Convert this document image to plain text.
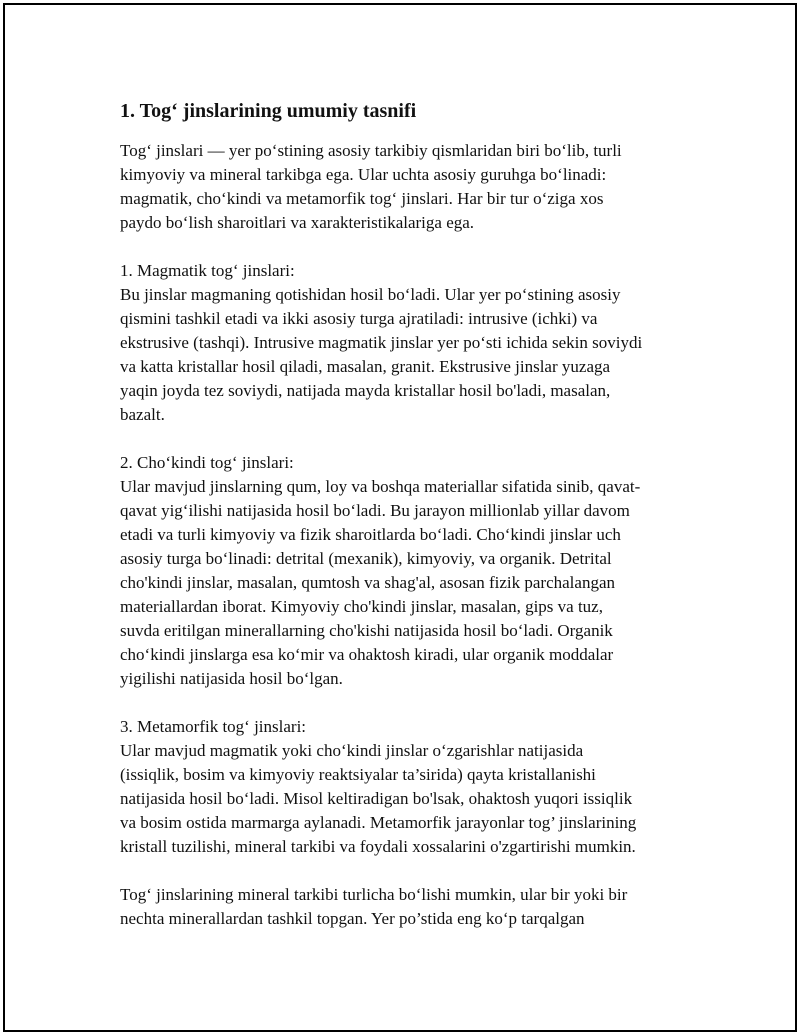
1. Tog‘ jinslarining umumiy tasnifi
Tog‘ jinslari — yer po‘stining asosiy tarkibiy qismlaridan biri bo‘lib, turli
kimyoviy va mineral tarkibga ega. Ular uchta asosiy guruhga bo‘linadi:
magmatik, cho‘kindi va metamorfik tog‘ jinslari. Har bir tur o‘ziga xos
paydo bo‘lish sharoitlari va xarakteristikalariga ega.
1. Magmatik tog‘ jinslari:
Bu jinslar magmaning qotishidan hosil bo‘ladi. Ular yer po‘stining asosiy
qismini tashkil etadi va ikki asosiy turga ajratiladi: intrusive (ichki) va
ekstrusive (tashqi). Intrusive magmatik jinslar yer po‘sti ichida sekin soviydi
va katta kristallar hosil qiladi, masalan, granit. Ekstrusive jinslar yuzaga
yaqin joyda tez soviydi, natijada mayda kristallar hosil bo'ladi, masalan,
bazalt.
2. Cho‘kindi tog‘ jinslari:
Ular mavjud jinslarning qum, loy va boshqa materiallar sifatida sinib, qavat-
qavat yig‘ilishi natijasida hosil bo‘ladi. Bu jarayon millionlab yillar davom
etadi va turli kimyoviy va fizik sharoitlarda bo‘ladi. Cho‘kindi jinslar uch
asosiy turga bo‘linadi: detrital (mexanik), kimyoviy, va organik. Detrital
cho'kindi jinslar, masalan, qumtosh va shag'al, asosan fizik parchalangan
materiallardan iborat. Kimyoviy cho'kindi jinslar, masalan, gips va tuz,
suvda eritilgan minerallarning cho'kishi natijasida hosil bo‘ladi. Organik
cho‘kindi jinslarga esa ko‘mir va ohaktosh kiradi, ular organik moddalar
yigilishi natijasida hosil bo‘lgan.
3. Metamorfik tog‘ jinslari:
Ular mavjud magmatik yoki cho‘kindi jinslar o‘zgarishlar natijasida
(issiqlik, bosim va kimyoviy reaktsiyalar ta’sirida) qayta kristallanishi
natijasida hosil bo‘ladi. Misol keltiradigan bo'lsak, ohaktosh yuqori issiqlik
va bosim ostida marmarga aylanadi. Metamorfik jarayonlar tog’ jinslarining
kristall tuzilishi, mineral tarkibi va foydali xossalarini o'zgartirishi mumkin.
Tog‘ jinslarining mineral tarkibi turlicha bo‘lishi mumkin, ular bir yoki bir
nechta minerallardan tashkil topgan. Yer po’stida eng ko‘p tarqalgan
